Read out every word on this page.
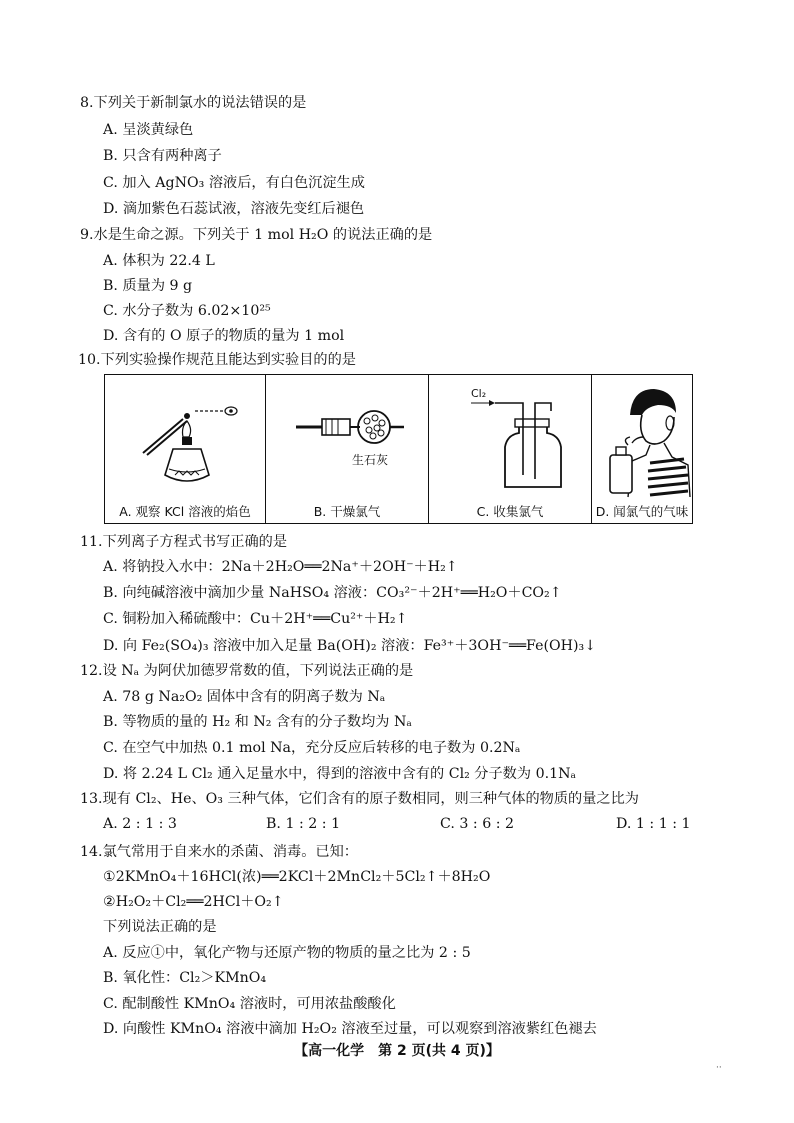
8.下列关于新制氯水的说法错误的是
A. 呈淡黄绿色
B. 只含有两种离子
C. 加入 AgNO₃ 溶液后，有白色沉淀生成
D. 滴加紫色石蕊试液，溶液先变红后褪色
9.水是生命之源。下列关于 1 mol H₂O 的说法正确的是
A. 体积为 22.4 L
B. 质量为 9 g
C. 水分子数为 6.02×10²⁵
D. 含有的 O 原子的物质的量为 1 mol
10.下列实验操作规范且能达到实验目的的是
A. 观察 KCl 溶液的焰色

生石灰
B. 干燥氯气

Cl₂
C. 收集氯气	D. 闻氯气的气味
11.下列离子方程式书写正确的是
A. 将钠投入水中：2Na＋2H₂O══2Na⁺＋2OH⁻＋H₂↑
B. 向纯碱溶液中滴加少量 NaHSO₄ 溶液：CO₃²⁻＋2H⁺══H₂O＋CO₂↑
C. 铜粉加入稀硫酸中：Cu＋2H⁺══Cu²⁺＋H₂↑
D. 向 Fe₂(SO₄)₃ 溶液中加入足量 Ba(OH)₂ 溶液：Fe³⁺＋3OH⁻══Fe(OH)₃↓
12.设 Nₐ 为阿伏加德罗常数的值，下列说法正确的是
A. 78 g Na₂O₂ 固体中含有的阴离子数为 Nₐ
B. 等物质的量的 H₂ 和 N₂ 含有的分子数均为 Nₐ
C. 在空气中加热 0.1 mol Na，充分反应后转移的电子数为 0.2Nₐ
D. 将 2.24 L Cl₂ 通入足量水中，得到的溶液中含有的 Cl₂ 分子数为 0.1Nₐ
13.现有 Cl₂、He、O₃ 三种气体，它们含有的原子数相同，则三种气体的物质的量之比为
A. 2 : 1 : 3	B. 1 : 2 : 1	C. 3 : 6 : 2	D. 1 : 1 : 1
14.氯气常用于自来水的杀菌、消毒。已知：
①2KMnO₄＋16HCl(浓)══2KCl＋2MnCl₂＋5Cl₂↑＋8H₂O
②H₂O₂＋Cl₂══2HCl＋O₂↑
下列说法正确的是
A. 反应①中，氧化产物与还原产物的物质的量之比为 2 : 5
B. 氧化性：Cl₂＞KMnO₄
C. 配制酸性 KMnO₄ 溶液时，可用浓盐酸酸化
D. 向酸性 KMnO₄ 溶液中滴加 H₂O₂ 溶液至过量，可以观察到溶液紫红色褪去
【高一化学　第 2 页(共 4 页)】
··
